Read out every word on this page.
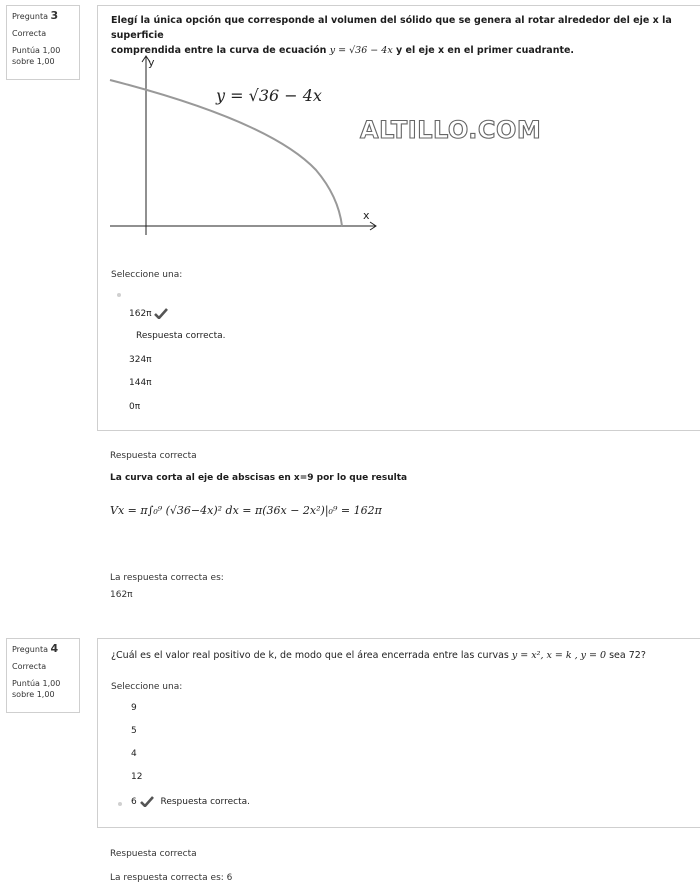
Pregunta 3
Correcta
Puntúa 1,00
sobre 1,00
Elegí la única opción que corresponde al volumen del sólido que se genera al rotar alrededor del eje x la superficie
comprendida entre la curva de ecuación y = √36 − 4x y el eje x en el primer cuadrante.
y
x
y = √36 − 4x
Seleccione una:
162π
Respuesta correcta.
324π
144π
0π
ALTILLO.COM
Respuesta correcta
La curva corta al eje de abscisas en x=9 por lo que resulta
Vx = π∫₀⁹ (√36−4x)² dx = π(36x − 2x²)|₀⁹ = 162π
La respuesta correcta es:
162π
Pregunta 4
Correcta
Puntúa 1,00
sobre 1,00
¿Cuál es el valor real positivo de k, de modo que el área encerrada entre las curvas y = x², x = k , y = 0 sea 72?
Seleccione una:
9
5
4
12
6	Respuesta correcta.
Respuesta correcta
La respuesta correcta es: 6
